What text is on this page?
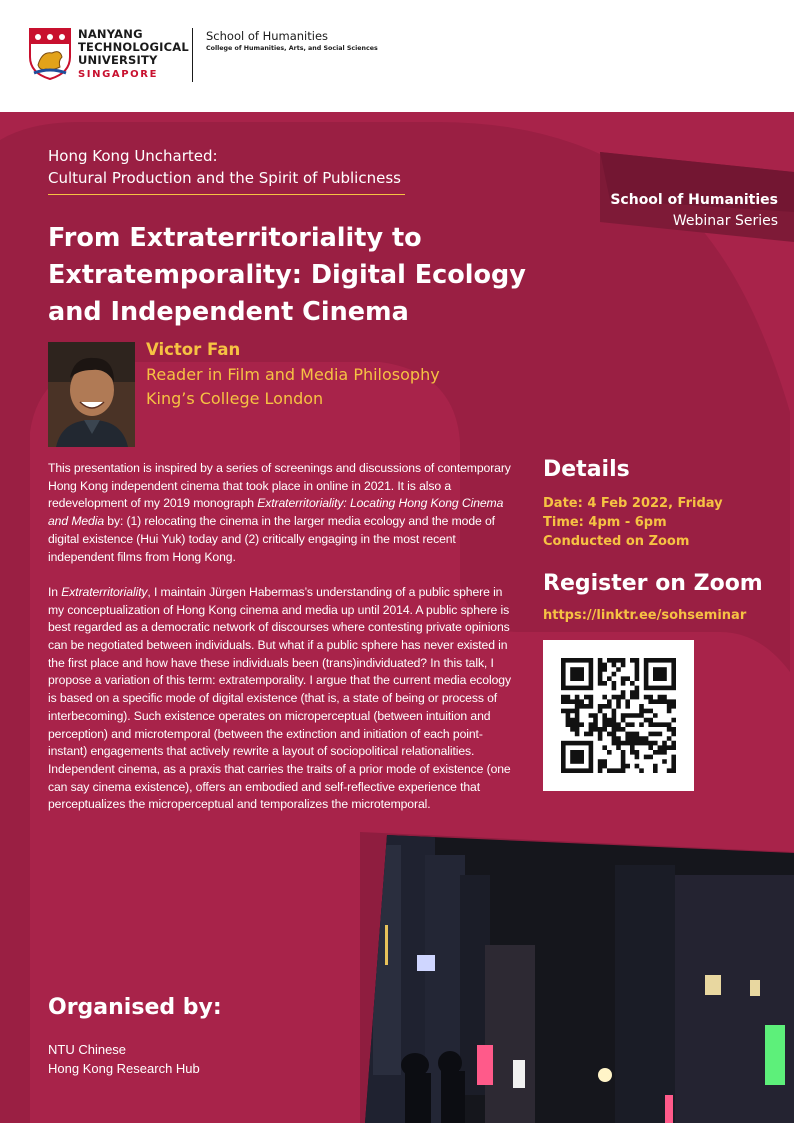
NANYANG
TECHNOLOGICAL
UNIVERSITY
SINGAPORE
School of Humanities
College of Humanities, Arts, and Social Sciences
Hong Kong Uncharted:
Cultural Production and the Spirit of Publicness
School of Humanities
Webinar Series
From Extraterritoriality to Extratemporality: Digital Ecology and Independent Cinema
Victor Fan
Reader in Film and Media Philosophy
King’s College London

This presentation is inspired by a series of screenings and discussions of contemporary Hong Kong independent cinema that took place in online in 2021. It is also a redevelopment of my 2019 monograph Extraterritoriality: Locating Hong Kong Cinema and Media by: (1) relocating the cinema in the larger media ecology and the mode of digital existence (Hui Yuk) today and (2) critically engaging in the most recent independent films from Hong Kong.

In Extraterritoriality, I maintain Jürgen Habermas’s understanding of a public sphere in my conceptualization of Hong Kong cinema and media up until 2014. A public sphere is best regarded as a democratic network of discourses where contesting private opinions can be negotiated between individuals. But what if a public sphere has never existed in the first place and how have these individuals been (trans)individuated? In this talk, I propose a variation of this term: extratemporality. I argue that the current media ecology is based on a specific mode of digital existence (that is, a state of being or process of interbecoming). Such existence operates on microperceptual (between intuition and perception) and microtemporal (between the extinction and initiation of each point-instant) engagements that actively rewrite a layout of sociopolitical relationalities. Independent cinema, as a praxis that carries the traits of a prior mode of existence (one can say cinema existence), offers an embodied and self-reflective experience that perceptualizes the microperceptual and temporalizes the microtemporal.

Details
Date: 4 Feb 2022, Friday
Time: 4pm - 6pm
Conducted on Zoom
Register on Zoom
https://linktr.ee/sohseminar
Organised by:
NTU Chinese
Hong Kong Research Hub
